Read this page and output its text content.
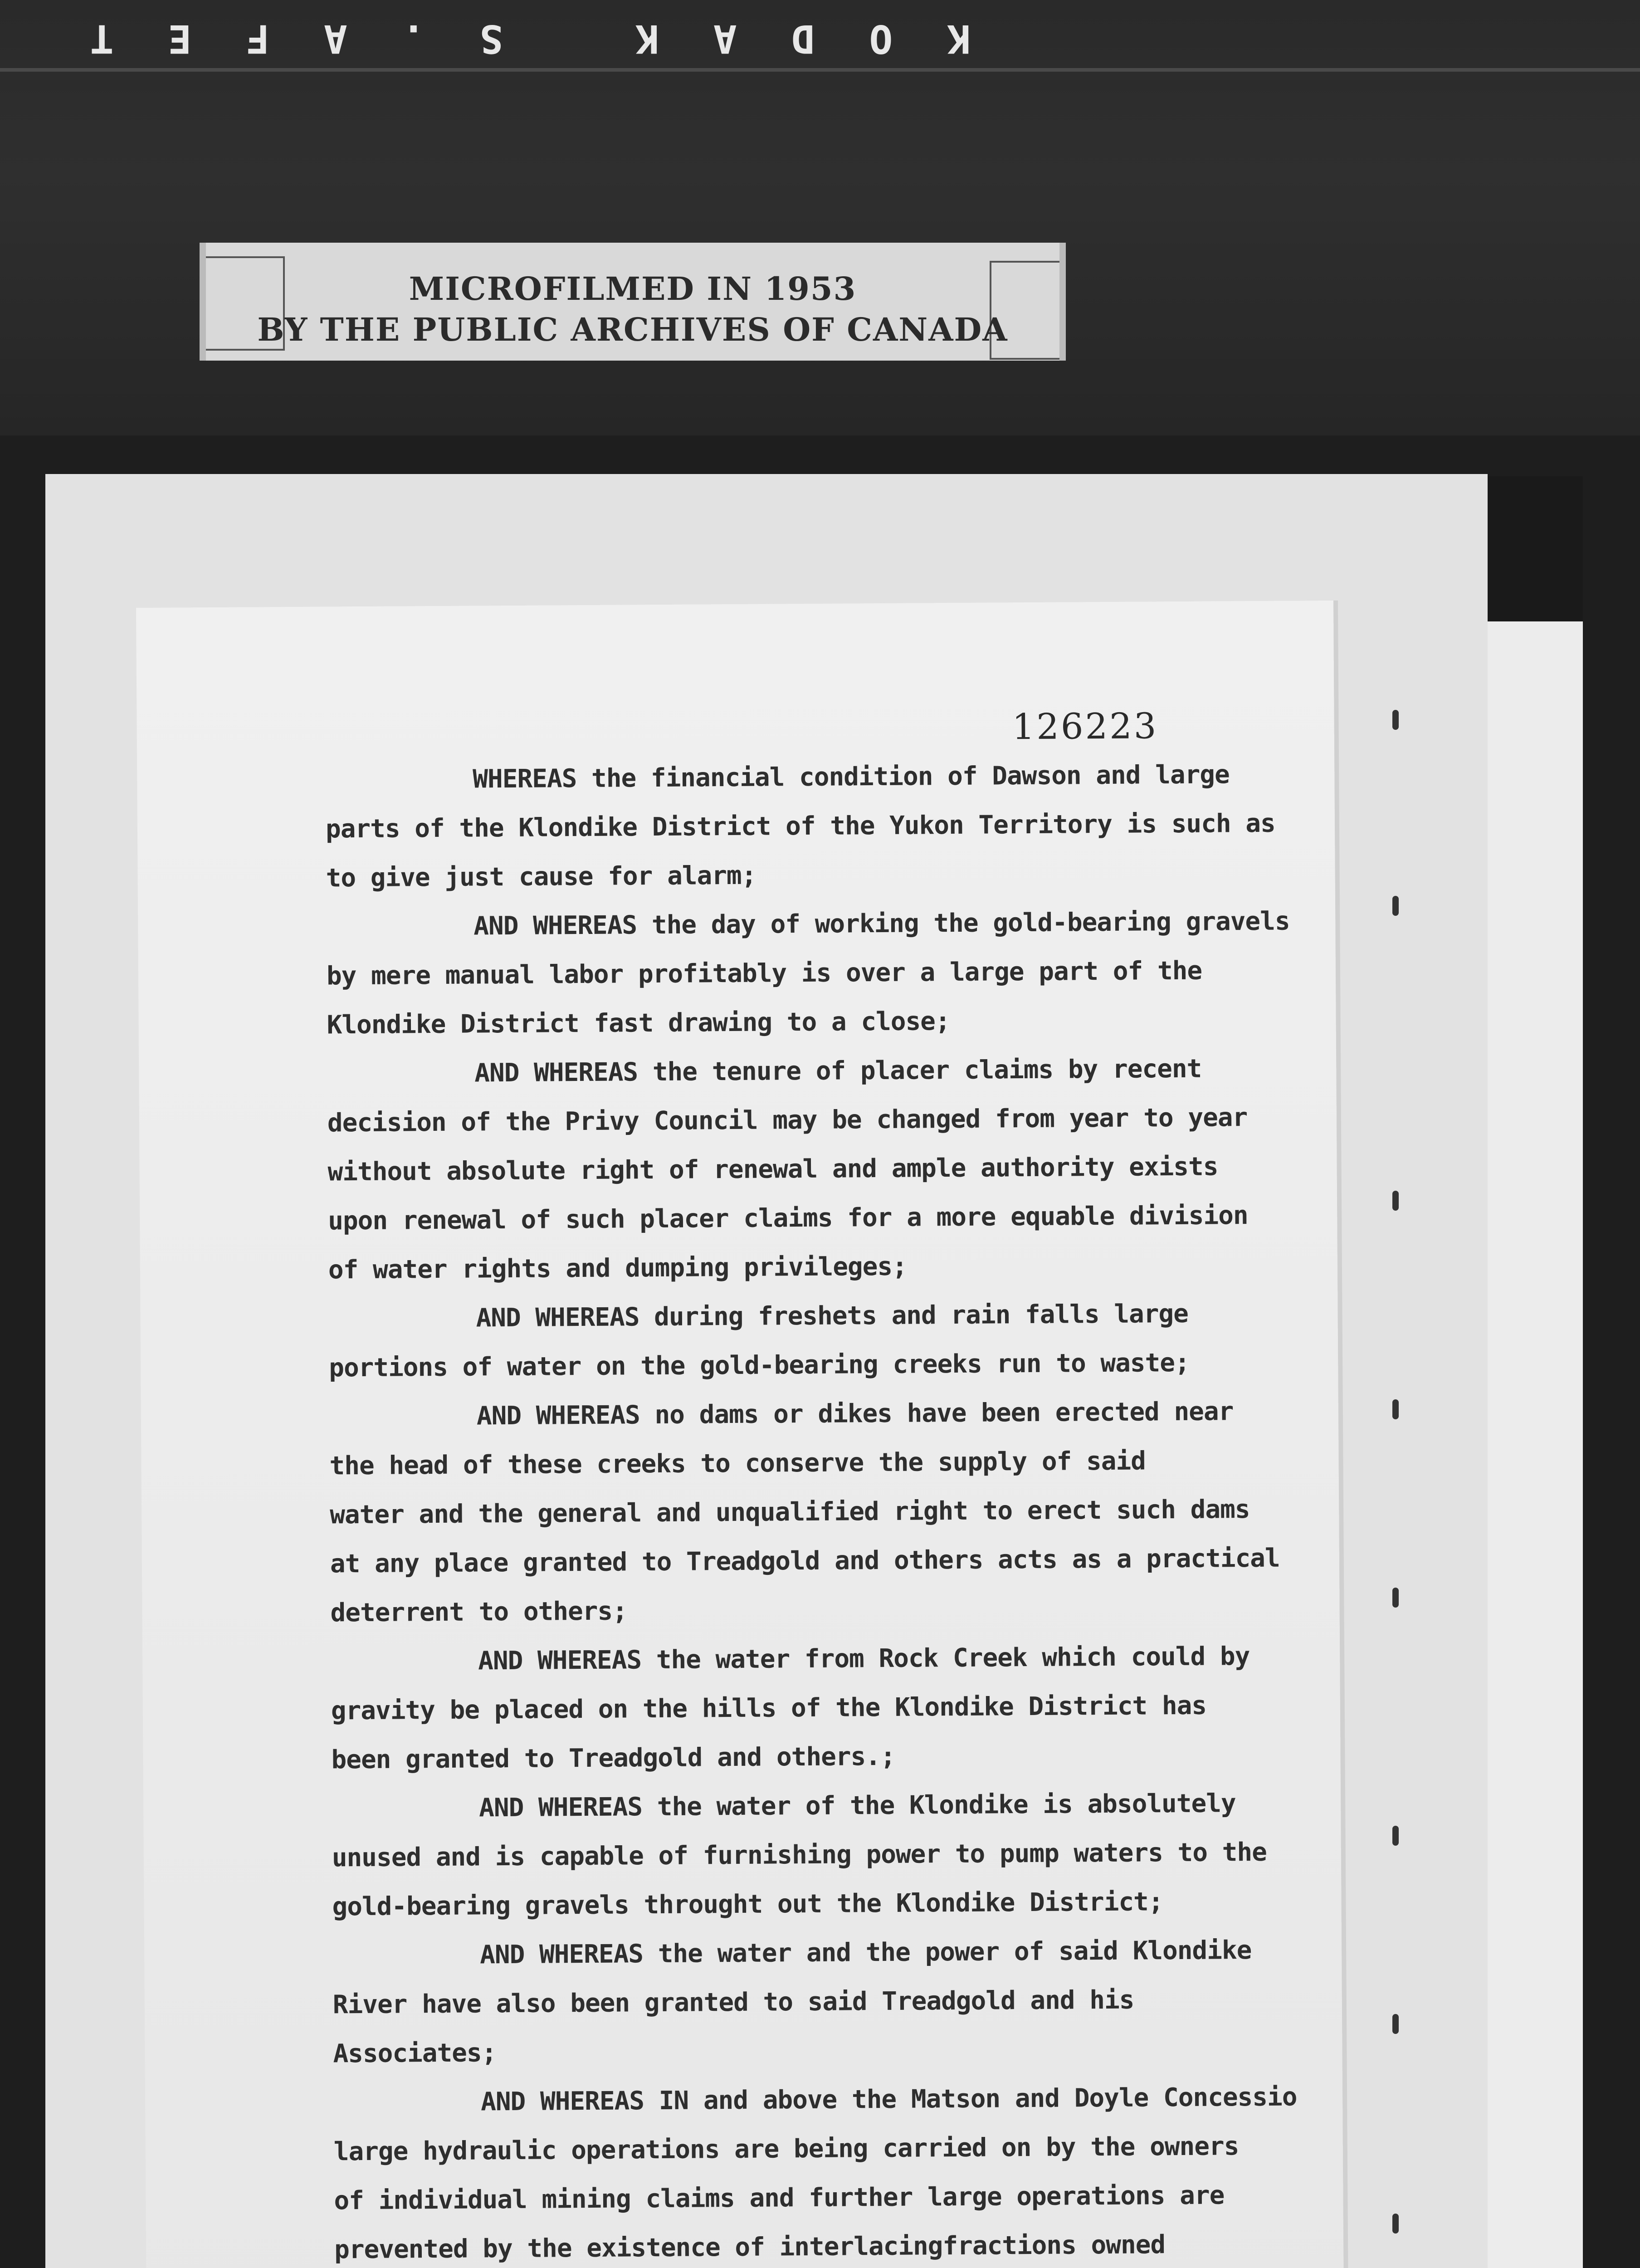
KODAK S.AFET
MICROFILMED IN 1953
BY THE PUBLIC ARCHIVES OF CANADA
126223
WHEREAS the financial condition of Dawson and large
parts of the Klondike District of the Yukon Territory is such as
to give just cause for alarm;
AND WHEREAS the day of working the gold-bearing gravels
by mere manual labor profitably is over a large part of the
Klondike District fast drawing to a close;
AND WHEREAS the tenure of placer claims by recent
decision of the Privy Council may be changed from year to year
without absolute right of renewal and ample authority exists
upon renewal of such placer claims for a more equable division
of water rights and dumping privileges;
AND WHEREAS during freshets and rain falls large
portions of water on the gold-bearing creeks run to waste;
AND WHEREAS no dams or dikes have been erected near
the head of these creeks to conserve the supply of said
water and the general and unqualified right to erect such dams
at any place granted to Treadgold and others acts as a practical
deterrent to others;
AND WHEREAS the water from Rock Creek which could by
gravity be placed on the hills of the Klondike District has
been granted to Treadgold and others.;
AND WHEREAS the water of the Klondike is absolutely
unused and is capable of furnishing power to pump waters to the
gold-bearing gravels throught out the Klondike District;
AND WHEREAS the water and the power of said Klondike
River have also been granted to said Treadgold and his
Associates;
AND WHEREAS IN and above the Matson and Doyle Concessio
large hydraulic operations are being carried on by the owners
of individual mining claims and further large operations are
prevented by the existence of interlacingfractions owned
